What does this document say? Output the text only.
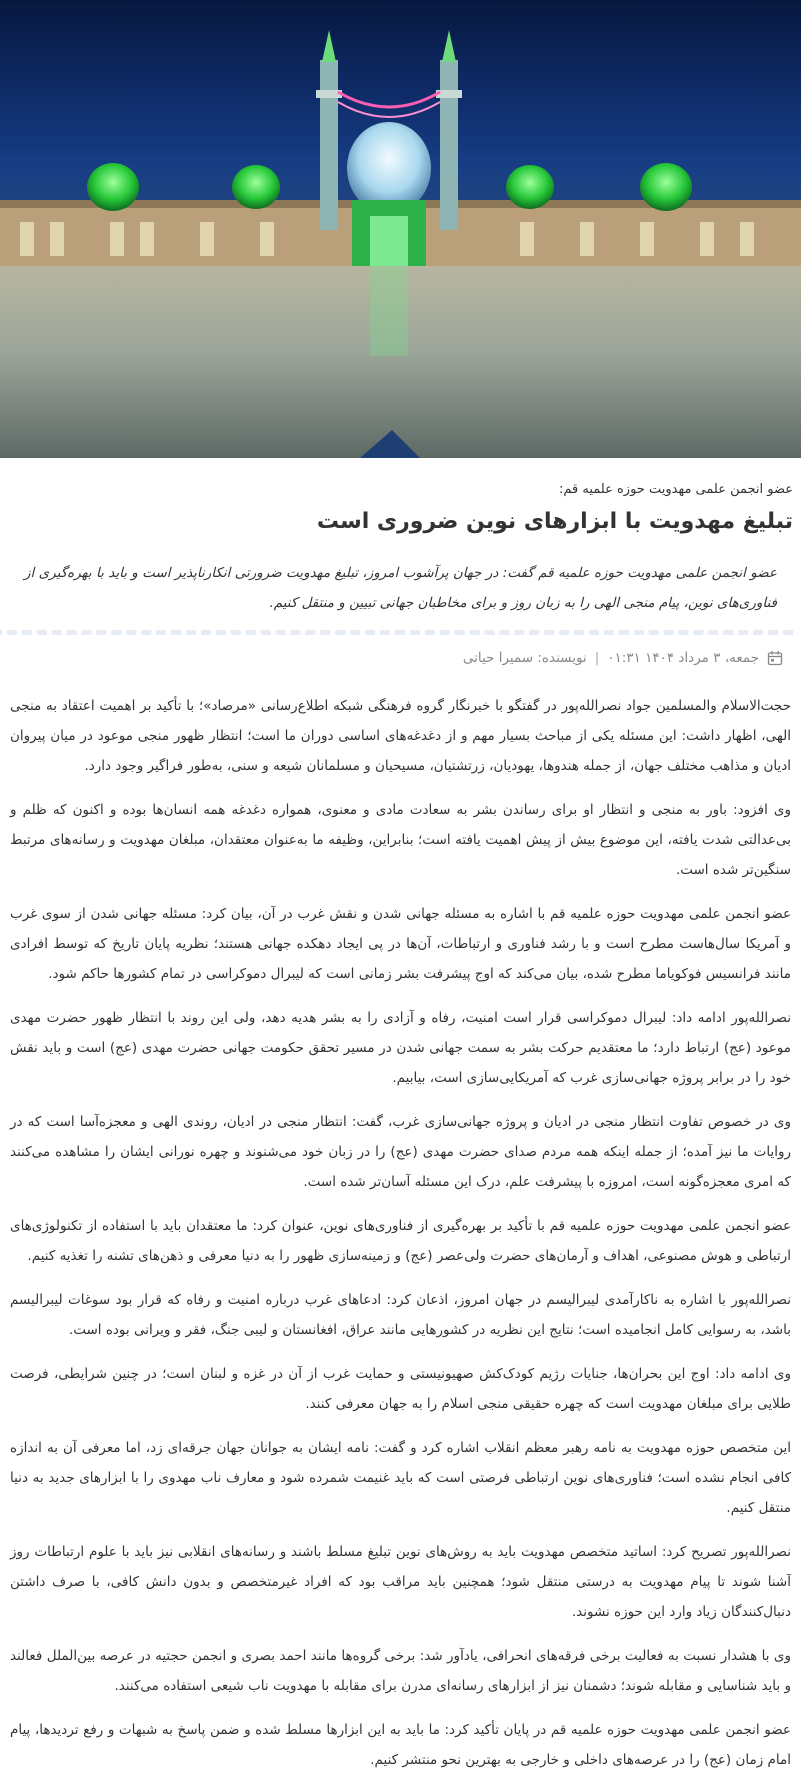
عضو انجمن علمی مهدویت حوزه علمیه قم:
تبلیغ مهدویت با ابزارهای نوین ضروری است

عضو انجمن علمی مهدویت حوزه علمیه قم گفت: در جهان پرآشوب امروز، تبلیغ مهدویت ضرورتی انکارناپذیر است و باید با بهره‌گیری از فناوری‌های نوین، پیام منجی الهی را به زبان روز و برای مخاطبان جهانی تبیین و منتقل کنیم.

جمعه، ۳ مرداد ۱۴۰۴ ۰۱:۳۱
|
نویسنده: سمیرا حیاتی

حجت‌الاسلام والمسلمین جواد نصرالله‌پور در گفتگو با خبرنگار گروه فرهنگی شبکه اطلاع‌رسانی «مرصاد»؛ با تأکید بر اهمیت اعتقاد به منجی الهی، اظهار داشت: این مسئله یکی از مباحث بسیار مهم و از دغدغه‌های اساسی دوران ما است؛ انتظار ظهور منجی موعود در میان پیروان ادیان و مذاهب مختلف جهان، از جمله هندوها، یهودیان، زرتشتیان، مسیحیان و مسلمانان شیعه و سنی، به‌طور فراگیر وجود دارد.

وی افزود: باور به منجی و انتظار او برای رساندن بشر به سعادت مادی و معنوی، همواره دغدغه همه انسان‌ها بوده و اکنون که ظلم و بی‌عدالتی شدت یافته، این موضوع بیش از پیش اهمیت یافته است؛ بنابراین، وظیفه ما به‌عنوان معتقدان، مبلغان مهدویت و رسانه‌های مرتبط سنگین‌تر شده است.

عضو انجمن علمی مهدویت حوزه علمیه قم با اشاره به مسئله جهانی شدن و نقش غرب در آن، بیان کرد: مسئله جهانی شدن از سوی غرب و آمریکا سال‌هاست مطرح است و با رشد فناوری و ارتباطات، آن‌ها در پی ایجاد دهکده جهانی هستند؛ نظریه پایان تاریخ که توسط افرادی مانند فرانسیس فوکویاما مطرح شده، بیان می‌کند که اوج پیشرفت بشر زمانی است که لیبرال دموکراسی در تمام کشورها حاکم شود.

نصرالله‌پور ادامه داد: لیبرال دموکراسی قرار است امنیت، رفاه و آزادی را به بشر هدیه دهد، ولی این روند با انتظار ظهور حضرت مهدی موعود (عج) ارتباط دارد؛ ما معتقدیم حرکت بشر به سمت جهانی شدن در مسیر تحقق حکومت جهانی حضرت مهدی (عج) است و باید نقش خود را در برابر پروژه جهانی‌سازی غرب که آمریکایی‌سازی است، بیابیم.

وی در خصوص تفاوت انتظار منجی در ادیان و پروژه جهانی‌سازی غرب، گفت: انتظار منجی در ادیان، روندی الهی و معجزه‌آسا است که در روایات ما نیز آمده؛ از جمله اینکه همه مردم صدای حضرت مهدی (عج) را در زبان خود می‌شنوند و چهره نورانی ایشان را مشاهده می‌کنند که امری معجزه‌گونه است، امروزه با پیشرفت علم، درک این مسئله آسان‌تر شده است.

عضو انجمن علمی مهدویت حوزه علمیه قم با تأکید بر بهره‌گیری از فناوری‌های نوین، عنوان کرد: ما معتقدان باید با استفاده از تکنولوژی‌های ارتباطی و هوش مصنوعی، اهداف و آرمان‌های حضرت ولی‌عصر (عج) و زمینه‌سازی ظهور را به دنیا معرفی و ذهن‌های تشنه را تغذیه کنیم.

نصرالله‌پور با اشاره به ناکارآمدی لیبرالیسم در جهان امروز، اذعان کرد: ادعاهای غرب درباره امنیت و رفاه که قرار بود سوغات لیبرالیسم باشد، به رسوایی کامل انجامیده است؛ نتایج این نظریه در کشورهایی مانند عراق، افغانستان و لیبی جنگ، فقر و ویرانی بوده است.

وی ادامه داد: اوج این بحران‌ها، جنایات رژیم کودک‌کش صهیونیستی و حمایت غرب از آن در غزه و لبنان است؛ در چنین شرایطی، فرصت طلایی برای مبلغان مهدویت است که چهره حقیقی منجی اسلام را به جهان معرفی کنند.

این متخصص حوزه مهدویت به نامه رهبر معظم انقلاب اشاره کرد و گفت: نامه ایشان به جوانان جهان جرقه‌ای زد، اما معرفی آن به اندازه کافی انجام نشده است؛ فناوری‌های نوین ارتباطی فرصتی است که باید غنیمت شمرده شود و معارف ناب مهدوی را با ابزارهای جدید به دنیا منتقل کنیم.

نصرالله‌پور تصریح کرد: اساتید متخصص مهدویت باید به روش‌های نوین تبلیغ مسلط باشند و رسانه‌های انقلابی نیز باید با علوم ارتباطات روز آشنا شوند تا پیام مهدویت به درستی منتقل شود؛ همچنین باید مراقب بود که افراد غیرمتخصص و بدون دانش کافی، با صرف داشتن دنبال‌کنندگان زیاد وارد این حوزه نشوند.

وی با هشدار نسبت به فعالیت برخی فرقه‌های انحرافی، یادآور شد: برخی گروه‌ها مانند احمد بصری و انجمن حجتیه در عرصه بین‌الملل فعالند و باید شناسایی و مقابله شوند؛ دشمنان نیز از ابزارهای رسانه‌ای مدرن برای مقابله با مهدویت ناب شیعی استفاده می‌کنند.

عضو انجمن علمی مهدویت حوزه علمیه قم در پایان تأکید کرد: ما باید به این ابزارها مسلط شده و ضمن پاسخ به شبهات و رفع تردیدها، پیام امام زمان (عج) را در عرصه‌های داخلی و خارجی به بهترین نحو منتشر کنیم.
